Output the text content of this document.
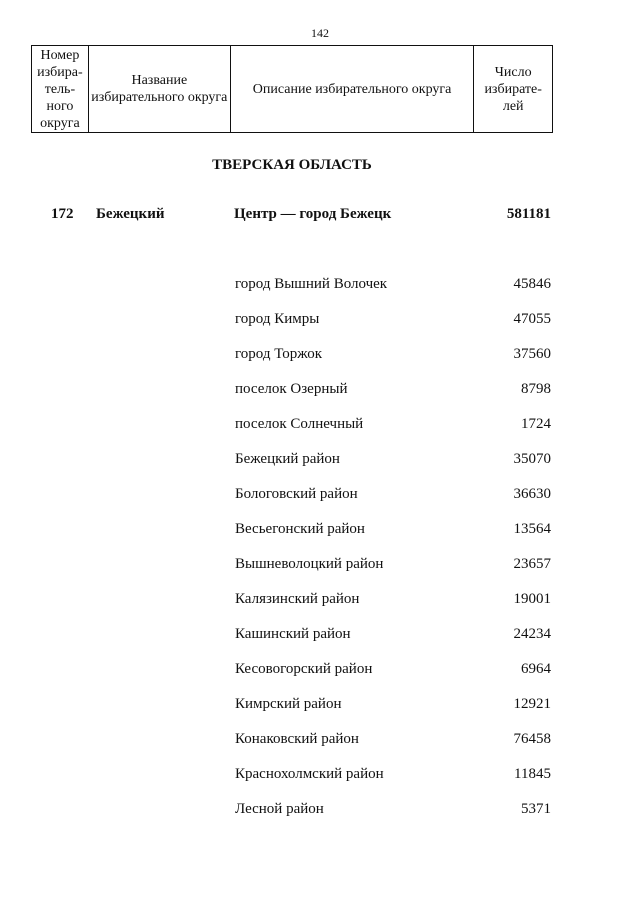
142
Номер избира-тель-ного округа	Название избирательного округа	Описание избирательного округа	Число избирате-лей
ТВЕРСКАЯ ОБЛАСТЬ
172 Бежецкий	Центр — город Бежецк	581181
город Вышний Волочек	45846
город Кимры	47055
город Торжок	37560
поселок Озерный	8798
поселок Солнечный	1724
Бежецкий район	35070
Бологовский район	36630
Весьегонский район	13564
Вышневолоцкий район	23657
Калязинский район	19001
Кашинский район	24234
Кесовогорский район	6964
Кимрский район	12921
Конаковский район	76458
Краснохолмский район	11845
Лесной район	5371
